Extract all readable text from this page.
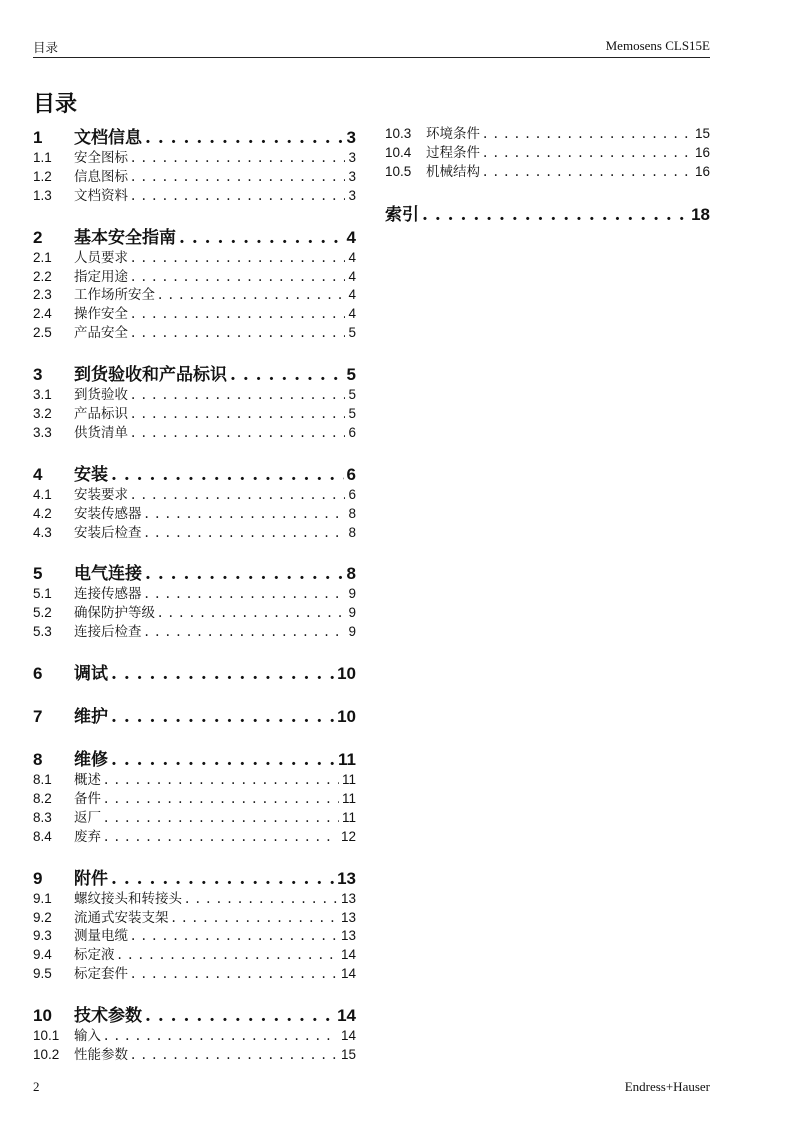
目录	Memosens CLS15E
目录
1	文档信息 . . .	3
1.1	安全图标 . . .	3
1.2	信息图标 . . .	3
1.3	文档资料 . . .	3
2	基本安全指南 . . .	4
2.1	人员要求 . . .	4
2.2	指定用途 . . .	4
2.3	工作场所安全 . . .	4
2.4	操作安全 . . .	4
2.5	产品安全 . . .	5
3	到货验收和产品标识 . . .	5
3.1	到货验收 . . .	5
3.2	产品标识 . . .	5
3.3	供货清单 . . .	6
4	安装 . . .	6
4.1	安装要求 . . .	6
4.2	安装传感器 . . .	8
4.3	安装后检查 . . .	8
5	电气连接 . . .	8
5.1	连接传感器 . . .	9
5.2	确保防护等级 . . .	9
5.3	连接后检查 . . .	9
6	调试 . . .	10
7	维护 . . .	10
8	维修 . . .	11
8.1	概述 . . .	11
8.2	备件 . . .	11
8.3	返厂 . . .	11
8.4	废弃 . . .	12
9	附件 . . .	13
9.1	螺纹接头和转接头 . . .	13
9.2	流通式安装支架 . . .	13
9.3	测量电缆 . . .	13
9.4	标定液 . . .	14
9.5	标定套件 . . .	14
10	技术参数 . . .	14
10.1	输入 . . .	14
10.2	性能参数 . . .	15
10.3	环境条件 . . .	15
10.4	过程条件 . . .	16
10.5	机械结构 . . .	16
索引 . . .	18
2	Endress+Hauser
